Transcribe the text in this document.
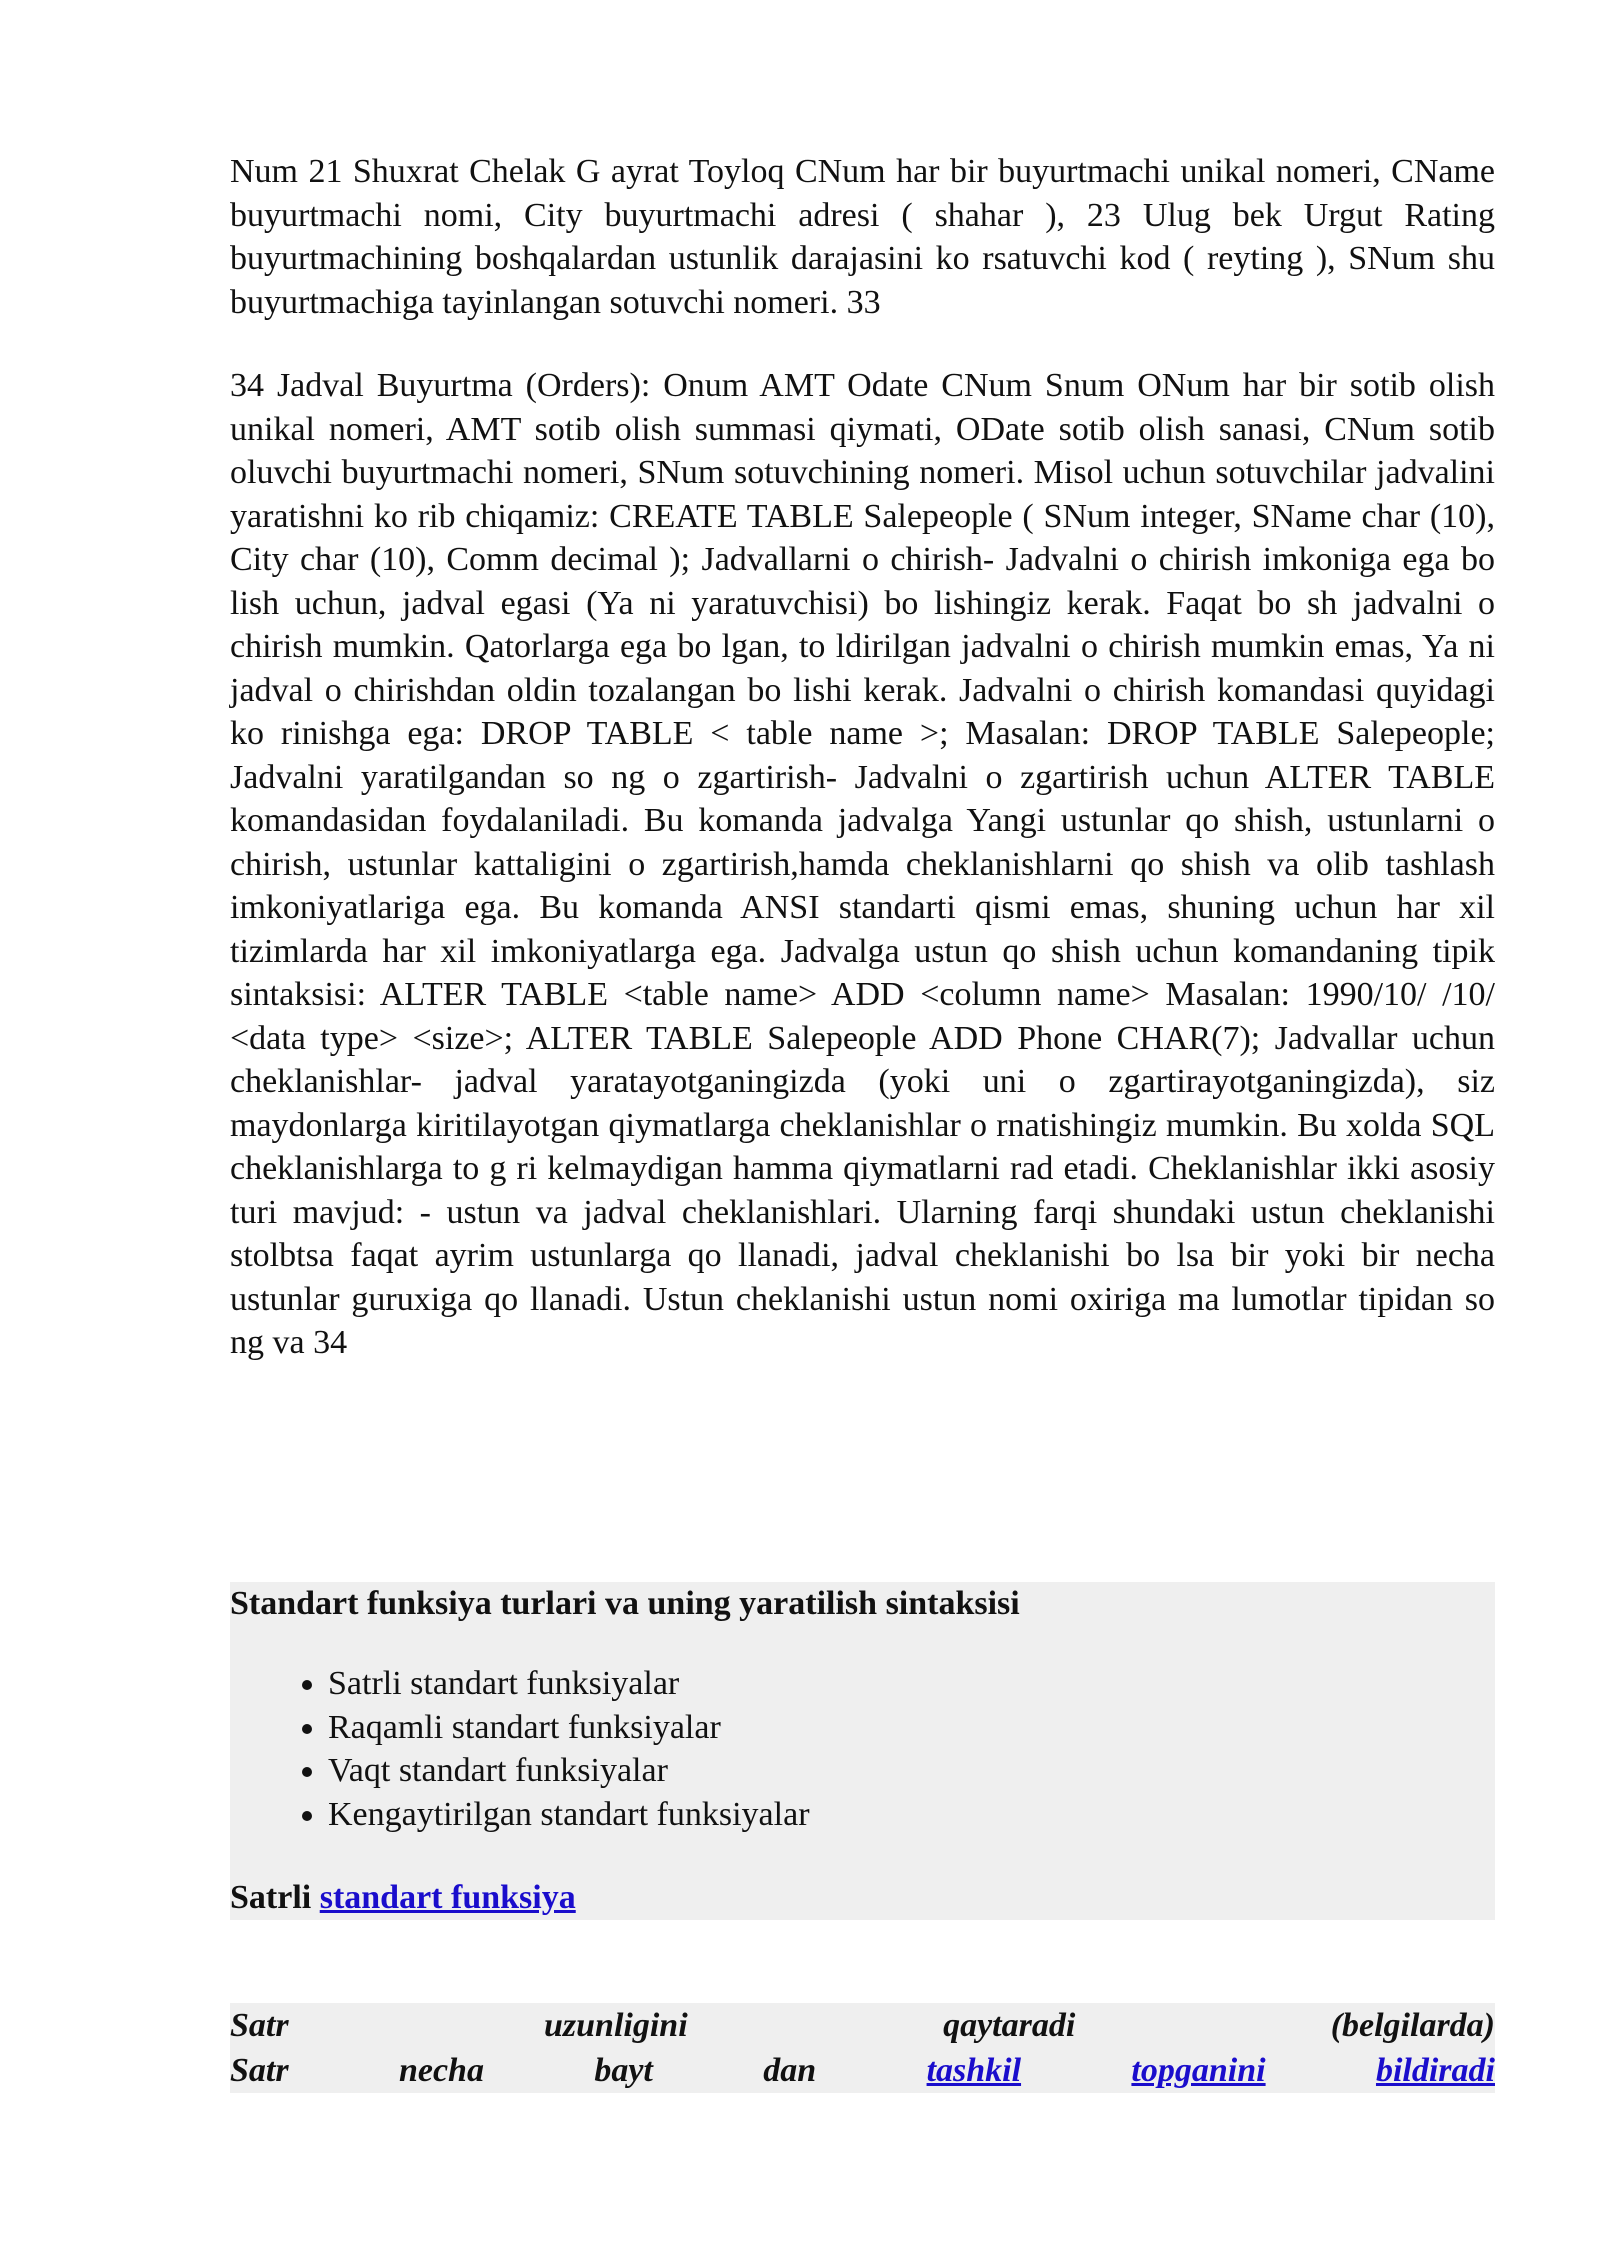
Num 21 Shuxrat Chelak G ayrat Toyloq CNum har bir buyurtmachi unikal nomeri, CName buyurtmachi nomi, City buyurtmachi adresi ( shahar ), 23 Ulug bek Urgut Rating buyurtmachining boshqalardan ustunlik darajasini ko rsatuvchi kod ( reyting ), SNum shu buyurtmachiga tayinlangan sotuvchi nomeri. 33

34 Jadval Buyurtma (Orders): Onum AMT Odate CNum Snum ONum har bir sotib olish unikal nomeri, AMT sotib olish summasi qiymati, ODate sotib olish sanasi, CNum sotib oluvchi buyurtmachi nomeri, SNum sotuvchining nomeri. Misol uchun sotuvchilar jadvalini yaratishni ko rib chiqamiz: CREATE TABLE Salepeople ( SNum integer, SName char (10), City char (10), Comm decimal ); Jadvallarni o chirish- Jadvalni o chirish imkoniga ega bo lish uchun, jadval egasi (Ya ni yaratuvchisi) bo lishingiz kerak. Faqat bo sh jadvalni o chirish mumkin. Qatorlarga ega bo lgan, to ldirilgan jadvalni o chirish mumkin emas, Ya ni jadval o chirishdan oldin tozalangan bo lishi kerak. Jadvalni o chirish komandasi quyidagi ko rinishga ega: DROP TABLE < table name >; Masalan: DROP TABLE Salepeople; Jadvalni yaratilgandan so ng o zgartirish- Jadvalni o zgartirish uchun ALTER TABLE komandasidan foydalaniladi. Bu komanda jadvalga Yangi ustunlar qo shish, ustunlarni o chirish, ustunlar kattaligini o zgartirish,hamda cheklanishlarni qo shish va olib tashlash imkoniyatlariga ega. Bu komanda ANSI standarti qismi emas, shuning uchun har xil tizimlarda har xil imkoniyatlarga ega. Jadvalga ustun qo shish uchun komandaning tipik sintaksisi: ALTER TABLE <table name> ADD <column name> Masalan: 1990/10/ /10/ <data type> <size>; ALTER TABLE Salepeople ADD Phone CHAR(7); Jadvallar uchun cheklanishlar- jadval yaratayotganingizda (yoki uni o zgartirayotganingizda), siz maydonlarga kiritilayotgan qiymatlarga cheklanishlar o rnatishingiz mumkin. Bu xolda SQL cheklanishlarga to g ri kelmaydigan hamma qiymatlarni rad etadi. Cheklanishlar ikki asosiy turi mavjud: - ustun va jadval cheklanishlari. Ularning farqi shundaki ustun cheklanishi stolbtsa faqat ayrim ustunlarga qo llanadi, jadval cheklanishi bo lsa bir yoki bir necha ustunlar guruxiga qo llanadi. Ustun cheklanishi ustun nomi oxiriga ma lumotlar tipidan so ng va 34

Standart funksiya turlari va uning yaratilish sintaksisi
• Satrli standart funksiyalar
• Raqamli standart funksiyalar
• Vaqt standart funksiyalar
• Kengaytirilgan standart funksiyalar
Satrli standart funksiya
Satr	uzunligini	qaytaradi	(belgilarda)
Satr	necha	bayt	dan	tashkil	topganini	bildiradi
